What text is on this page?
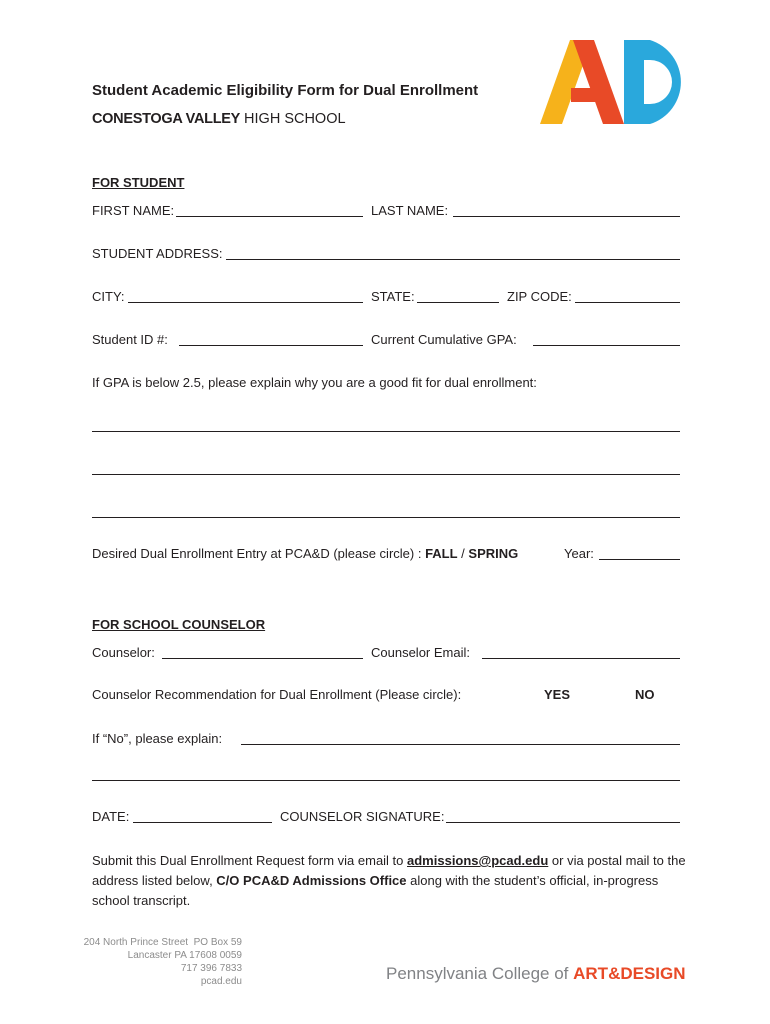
Student Academic Eligibility Form for Dual Enrollment
CONESTOGA VALLEY HIGH SCHOOL
FOR STUDENT
FIRST NAME:	LAST NAME:
STUDENT ADDRESS:
CITY:	STATE:	ZIP CODE:
Student ID #:	Current Cumulative GPA:
If GPA is below 2.5, please explain why you are a good fit for dual enrollment:
Desired Dual Enrollment Entry at PCA&D (please circle) : FALL / SPRING	Year:
FOR SCHOOL COUNSELOR
Counselor:	Counselor Email:
Counselor Recommendation for Dual Enrollment (Please circle):	YES	NO
If “No”, please explain:
DATE:	COUNSELOR SIGNATURE:
Submit this Dual Enrollment Request form via email to admissions@pcad.edu or via postal mail to the address listed below, C/O PCA&D Admissions Office along with the student’s official, in-progress school transcript.
204 North Prince Street  PO Box 59
Lancaster PA 17608 0059
717 396 7833
pcad.edu	Pennsylvania College of ART&DESIGN
